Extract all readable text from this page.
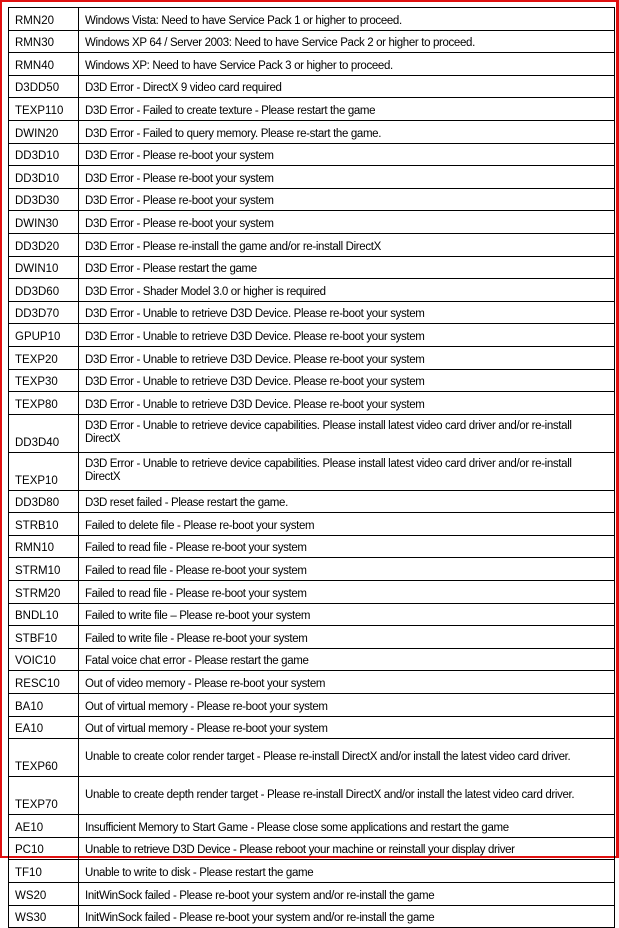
RMN20	Windows Vista: Need to have Service Pack 1 or higher to proceed.
RMN30	Windows XP 64 / Server 2003: Need to have Service Pack 2 or higher to proceed.
RMN40	Windows XP: Need to have Service Pack 3 or higher to proceed.
D3DD50	D3D Error - DirectX 9 video card required
TEXP110	D3D Error - Failed to create texture - Please restart the game
DWIN20	D3D Error - Failed to query memory. Please re-start the game.
DD3D10	D3D Error - Please re-boot your system
DD3D10	D3D Error - Please re-boot your system
DD3D30	D3D Error - Please re-boot your system
DWIN30	D3D Error - Please re-boot your system
DD3D20	D3D Error - Please re-install the game and/or re-install DirectX
DWIN10	D3D Error - Please restart the game
DD3D60	D3D Error - Shader Model 3.0 or higher is required
DD3D70	D3D Error - Unable to retrieve D3D Device. Please re-boot your system
GPUP10	D3D Error - Unable to retrieve D3D Device. Please re-boot your system
TEXP20	D3D Error - Unable to retrieve D3D Device. Please re-boot your system
TEXP30	D3D Error - Unable to retrieve D3D Device. Please re-boot your system
TEXP80	D3D Error - Unable to retrieve D3D Device. Please re-boot your system
DD3D40	D3D Error - Unable to retrieve device capabilities. Please install latest video card driver and/or re-install DirectX
TEXP10	D3D Error - Unable to retrieve device capabilities. Please install latest video card driver and/or re-install DirectX
DD3D80	D3D reset failed - Please restart the game.
STRB10	Failed to delete file - Please re-boot your system
RMN10	Failed to read file - Please re-boot your system
STRM10	Failed to read file - Please re-boot your system
STRM20	Failed to read file - Please re-boot your system
BNDL10	Failed to write file – Please re-boot your system
STBF10	Failed to write file - Please re-boot your system
VOIC10	Fatal voice chat error - Please restart the game
RESC10	Out of video memory - Please re-boot your system
BA10	Out of virtual memory - Please re-boot your system
EA10	Out of virtual memory - Please re-boot your system
TEXP60	Unable to create color render target - Please re-install DirectX and/or install the latest video card driver.
TEXP70	Unable to create depth render target - Please re-install DirectX and/or install the latest video card driver.
AE10	Insufficient Memory to Start Game - Please close some applications and restart the game
PC10	Unable to retrieve D3D Device - Please reboot your machine or reinstall your display driver
TF10	Unable to write to disk - Please restart the game
WS20	InitWinSock failed - Please re-boot your system and/or re-install the game
WS30	InitWinSock failed - Please re-boot your system and/or re-install the game
